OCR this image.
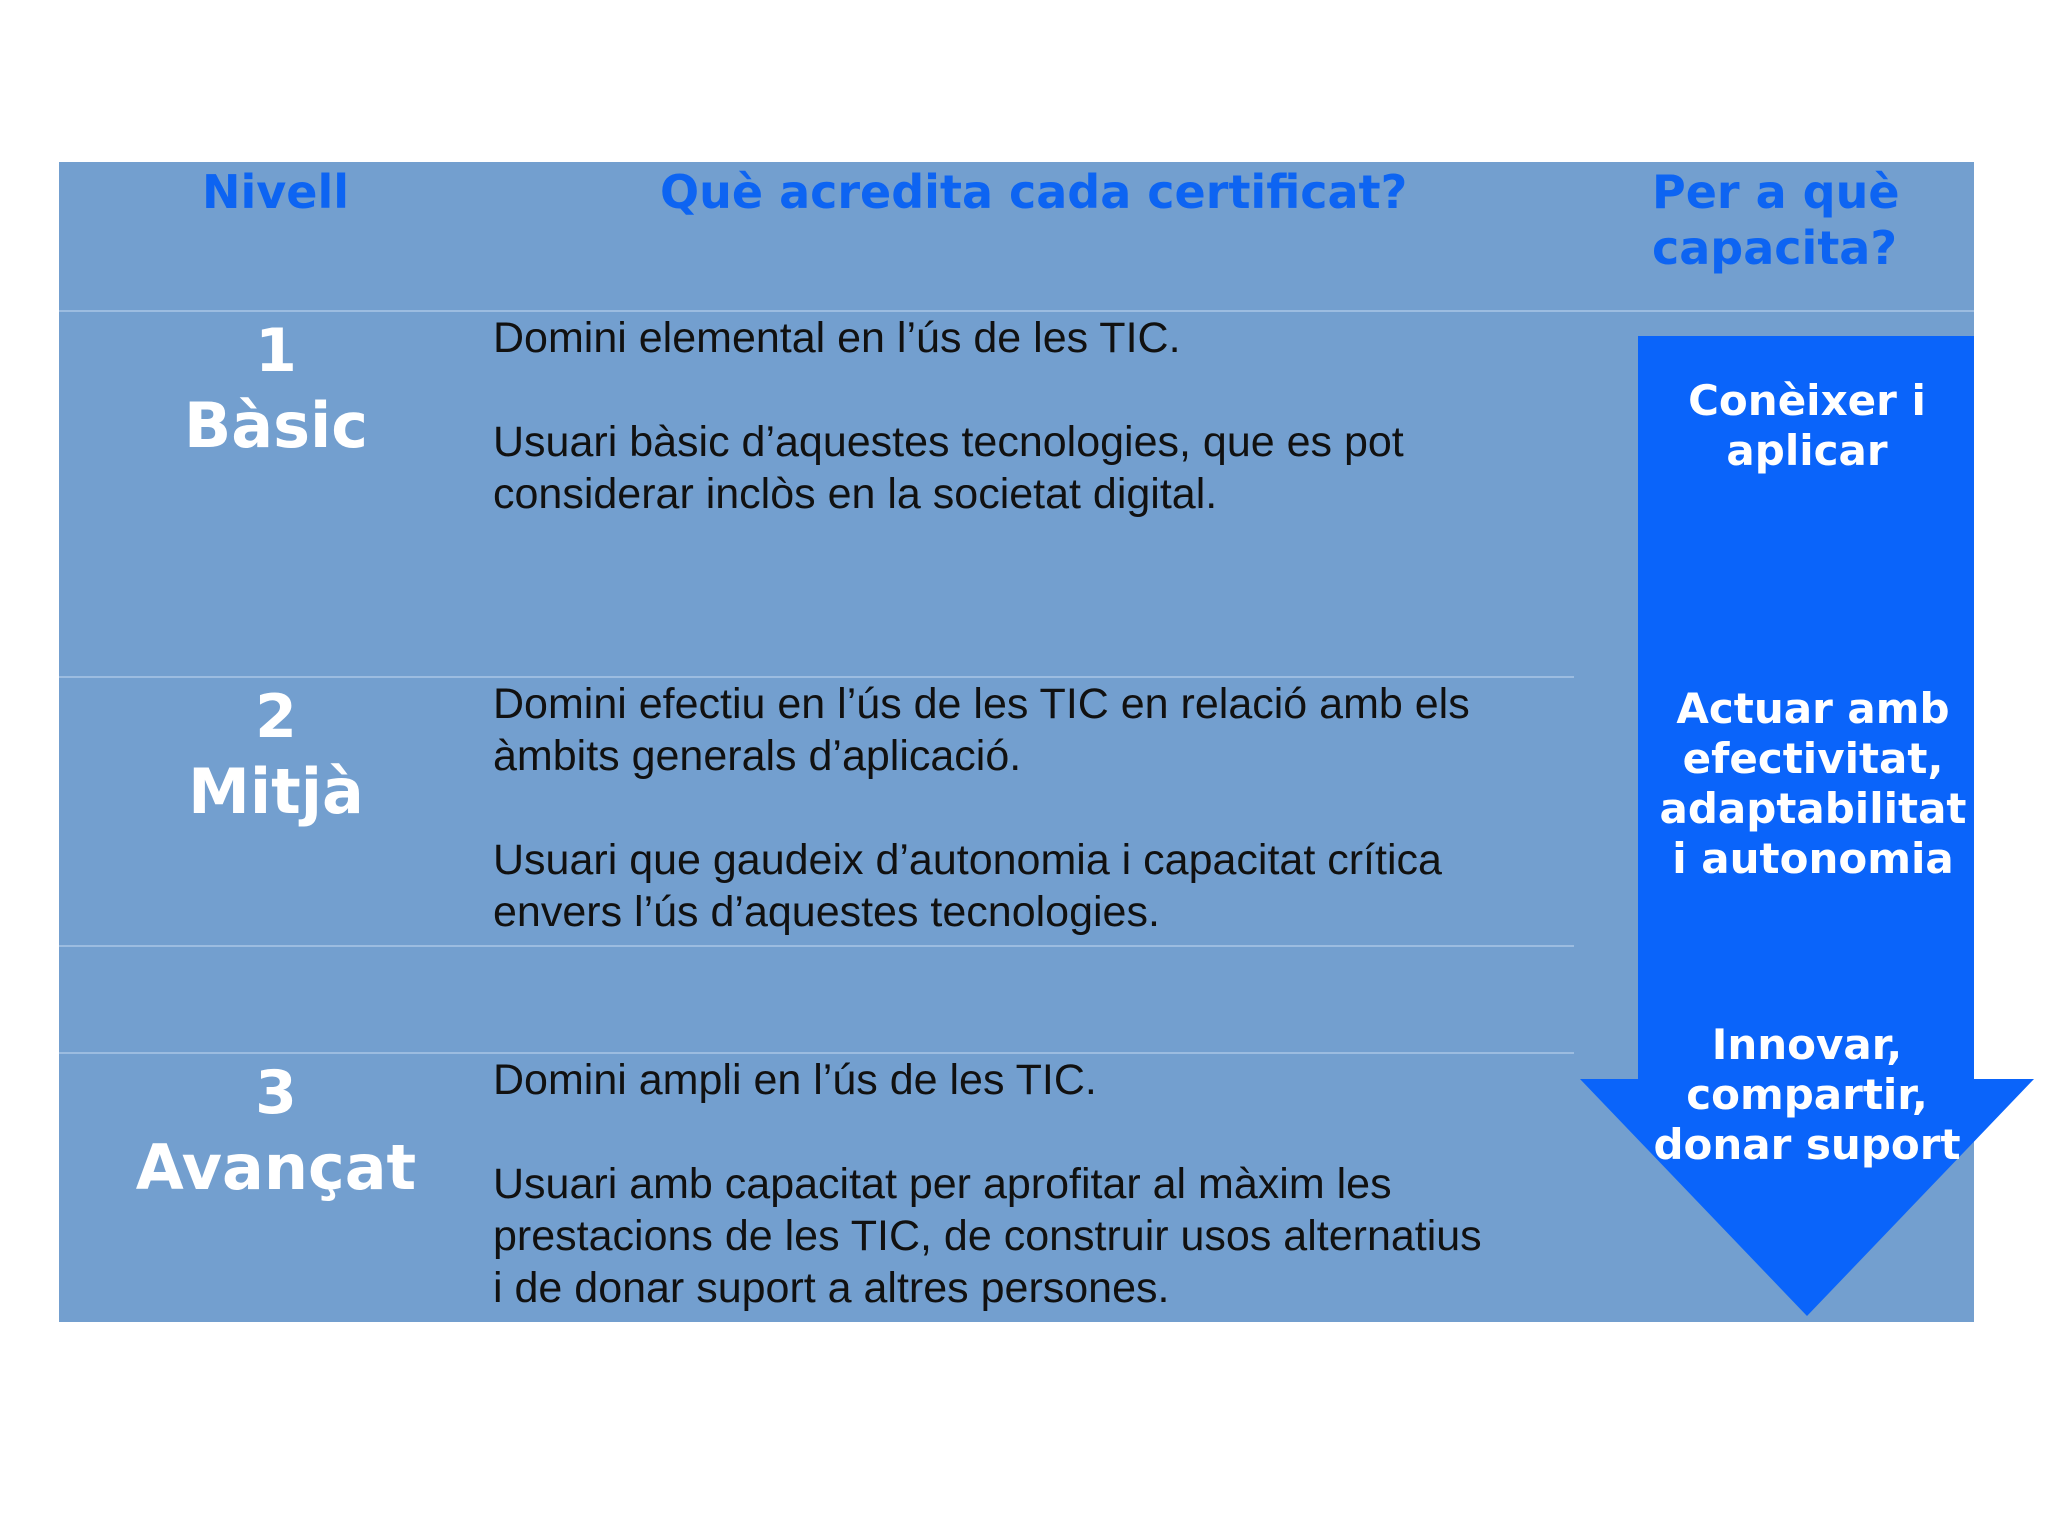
Nivell	Què acredita cada certificat?	Per a què
capacita?
1
Bàsic

Domini elemental en l’ús de les TIC.

Usuari bàsic d’aquestes tecnologies, que es pot
considerar inclòs en la societat digital.

2
Mitjà

Domini efectiu en l’ús de les TIC en relació amb els
àmbits generals d’aplicació.

Usuari que gaudeix d’autonomia i capacitat crítica
envers l’ús d’aquestes tecnologies.

3
Avançat

Domini ampli en l’ús de les TIC.

Usuari amb capacitat per aprofitar al màxim les
prestacions de les TIC, de construir usos alternatius
i de donar suport a altres persones.

Conèixer i
aplicar
Actuar amb
efectivitat,
adaptabilitat
i autonomia
Innovar,
compartir,
donar suport
